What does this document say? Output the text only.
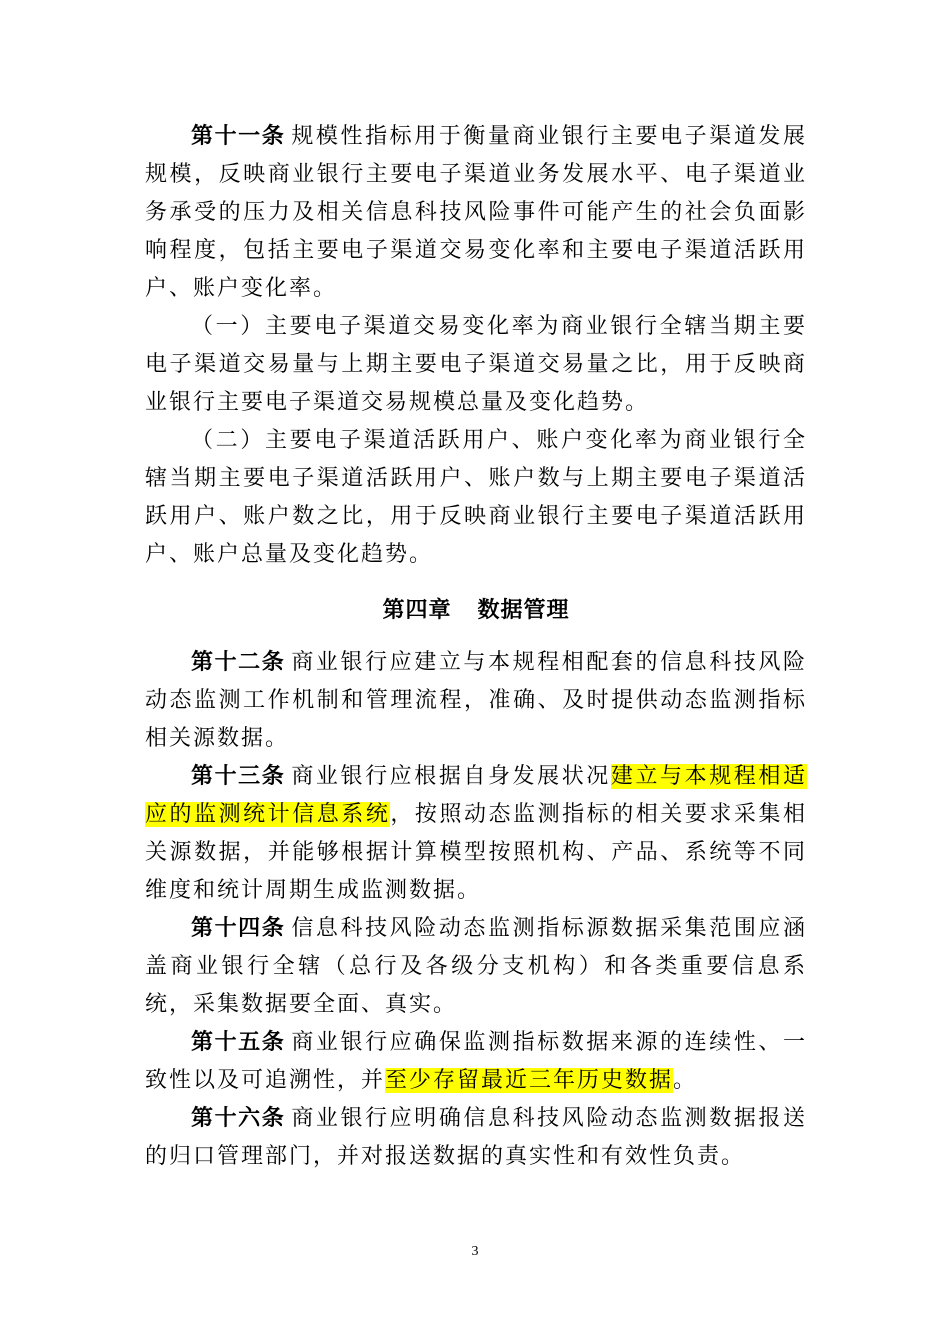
第十一条 规模性指标用于衡量商业银行主要电子渠道发展规模，反映商业银行主要电子渠道业务发展水平、电子渠道业务承受的压力及相关信息科技风险事件可能产生的社会负面影响程度，包括主要电子渠道交易变化率和主要电子渠道活跃用户、账户变化率。

（一）主要电子渠道交易变化率为商业银行全辖当期主要电子渠道交易量与上期主要电子渠道交易量之比，用于反映商业银行主要电子渠道交易规模总量及变化趋势。

（二）主要电子渠道活跃用户、账户变化率为商业银行全辖当期主要电子渠道活跃用户、账户数与上期主要电子渠道活跃用户、账户数之比，用于反映商业银行主要电子渠道活跃用户、账户总量及变化趋势。

第四章 数据管理

第十二条 商业银行应建立与本规程相配套的信息科技风险动态监测工作机制和管理流程，准确、及时提供动态监测指标相关源数据。

第十三条 商业银行应根据自身发展状况建立与本规程相适应的监测统计信息系统，按照动态监测指标的相关要求采集相关源数据，并能够根据计算模型按照机构、产品、系统等不同维度和统计周期生成监测数据。

第十四条 信息科技风险动态监测指标源数据采集范围应涵盖商业银行全辖（总行及各级分支机构）和各类重要信息系统，采集数据要全面、真实。

第十五条 商业银行应确保监测指标数据来源的连续性、一致性以及可追溯性，并至少存留最近三年历史数据。

第十六条 商业银行应明确信息科技风险动态监测数据报送的归口管理部门，并对报送数据的真实性和有效性负责。

3
